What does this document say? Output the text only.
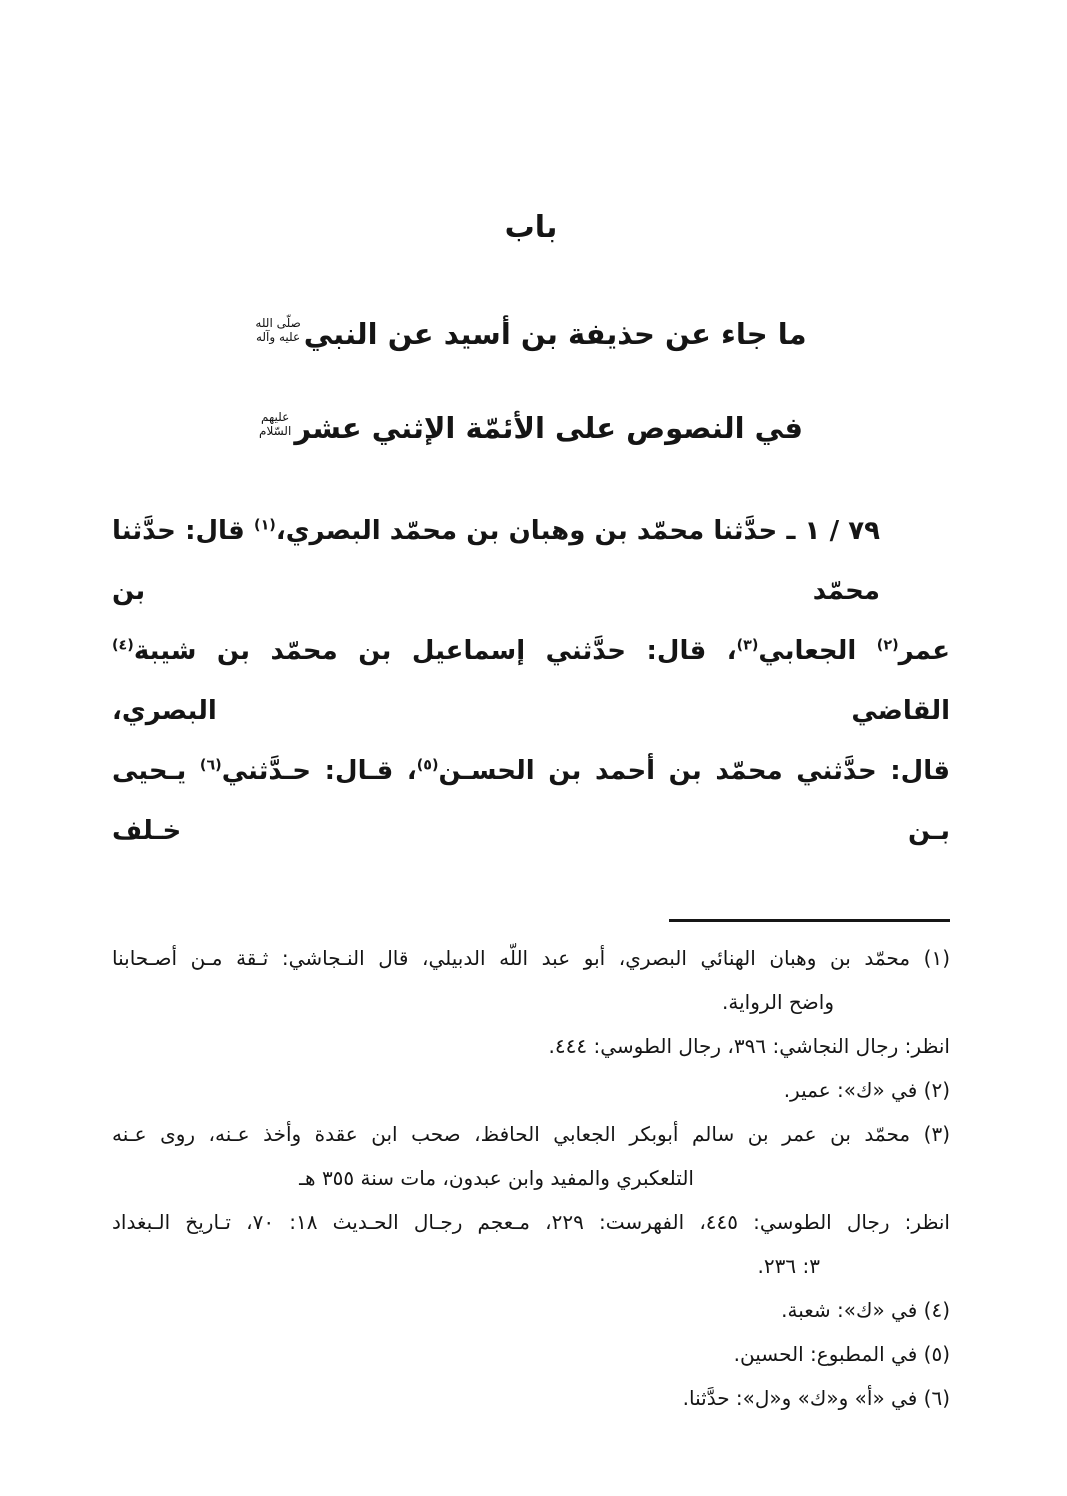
باب
ما جاء عن حذيفة بن أسيد عن النبي
صلّى الله
عليه وآله
في النصوص على الأئمّة الإثني عشر
عليهم
السّلام
٧٩ / ١ ـ حدَّثنا محمّد بن وهبان بن محمّد البصري،$^{(١)}$ قال: حدَّثنا محمّد بن
عمر$^{(٢)}$ الجعابي$^{(٣)}$، قال: حدَّثني إسماعيل بن محمّد بن شيبة$^{(٤)}$ القاضي البصري،
قال: حدَّثني محمّد بن أحمد بن الحسـن$^{(٥)}$، قـال: حـدَّثني$^{(٦)}$ يـحيى بـن خـلف
(١) محمّد بن وهبان الهنائي البصري، أبو عبد اللّه الدبيلي، قال النـجاشي: ثـقة مـن أصـحابنا
واضح الرواية.
انظر: رجال النجاشي: ٣٩٦، رجال الطوسي: ٤٤٤.
(٢) في «ك»: عمير.
(٣) محمّد بن عمر بن سالم أبوبكر الجعابي الحافظ، صحب ابن عقدة وأخذ عـنه، روى عـنه
التلعكبري والمفيد وابن عبدون، مات سنة ٣٥٥ هـ
انظر: رجال الطوسي: ٤٤٥، الفهرست: ٢٢٩، مـعجم رجـال الحـديث ١٨: ٧٠، تـاريخ الـبغداد
٣: ٢٣٦.
(٤) في «ك»: شعبة.
(٥) في المطبوع: الحسين.
(٦) في «أ» و«ك» و«ل»: حدَّثنا.
